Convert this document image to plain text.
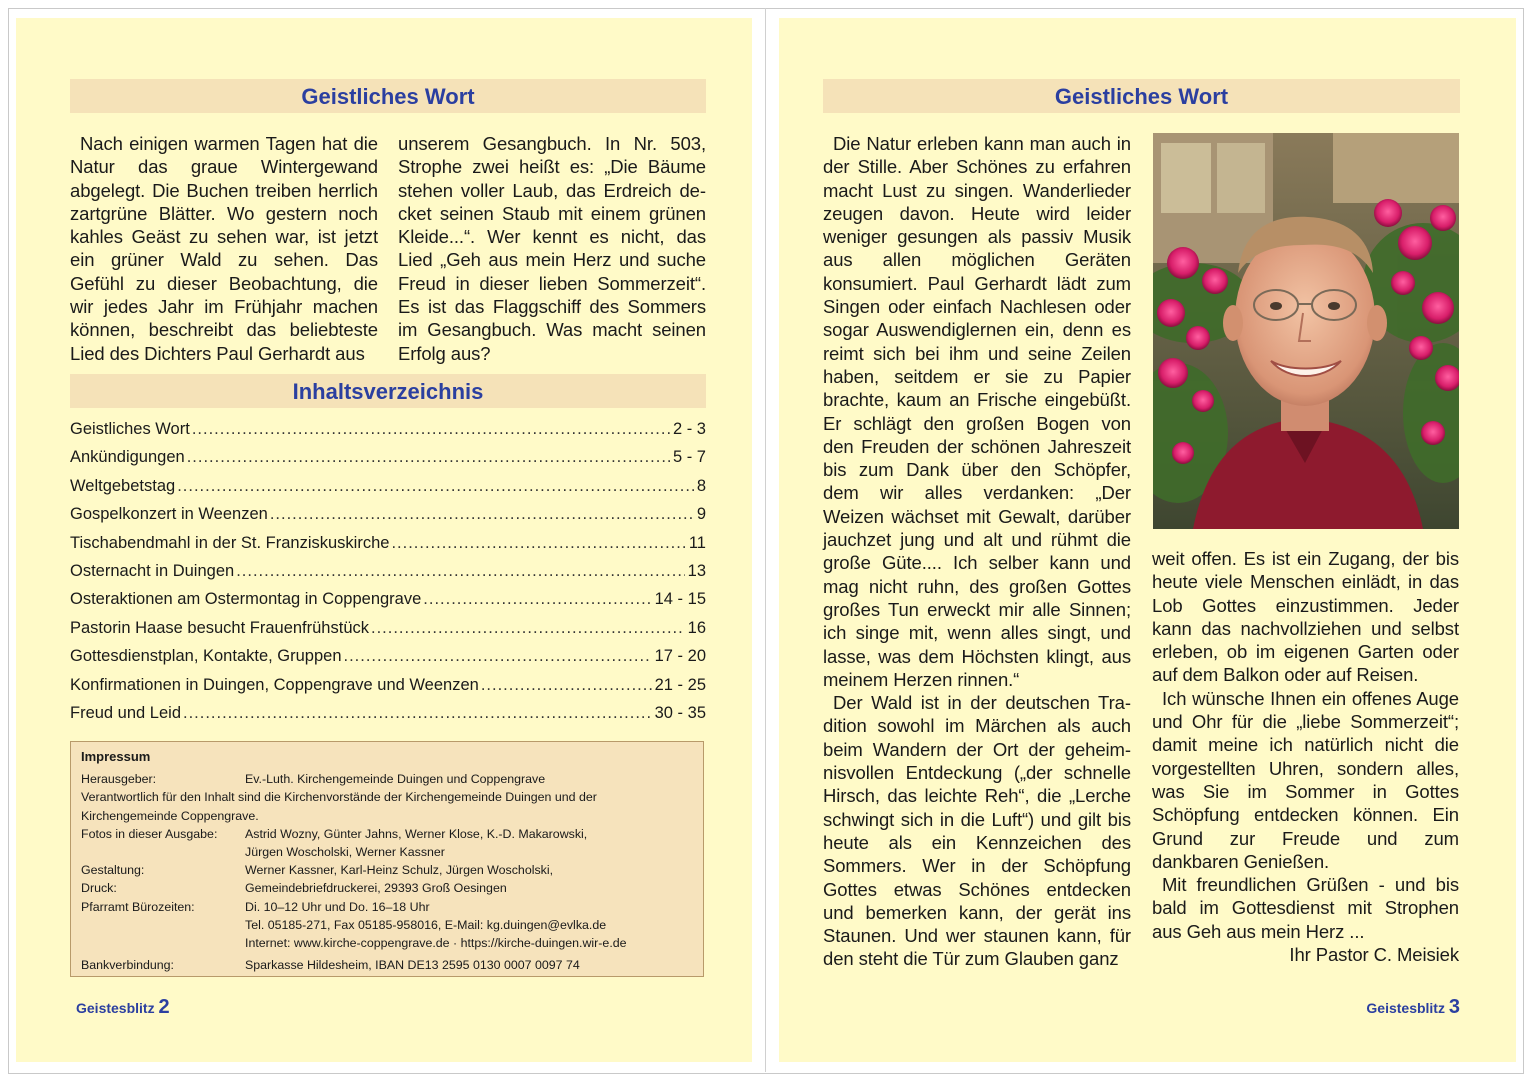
Geistliches Wort

Nach einigen warmen Tagen hat die Natur das graue Wintergewand abgelegt. Die Buchen treiben herrlich zartgrüne Blätter. Wo gestern noch kahles Geäst zu sehen war, ist jetzt ein grüner Wald zu sehen. Das Gefühl zu dieser Beobachtung, die wir jedes Jahr im Frühjahr machen können, beschreibt das beliebteste Lied des Dichters Paul Gerhardt aus

unserem Gesangbuch. In Nr. 503, Strophe zwei heißt es: „Die Bäume stehen voller Laub, das Erdreich decket seinen Staub mit einem grünen Kleide...“. Wer kennt es nicht, das Lied „Geh aus mein Herz und suche Freud in dieser lieben Sommerzeit“. Es ist das Flaggschiff des Sommers im Gesangbuch. Was macht seinen Erfolg aus?

Inhaltsverzeichnis
Geistliches Wort .....	2 - 3
Ankündigungen .....	5 - 7
Weltgebetstag .....	8
Gospelkonzert in Weenzen .....	9
Tischabendmahl in der St. Franziskuskirche .....	11
Osternacht in Duingen .....	13
Osteraktionen am Ostermontag in Coppengrave .....	14 - 15
Pastorin Haase besucht Frauenfrühstück .....	16
Gottesdienstplan, Kontakte, Gruppen .....	17 - 20
Konfirmationen in Duingen, Coppengrave und Weenzen .....	21 - 25
Freud und Leid .....	30 - 35
Impressum
Herausgeber:	Ev.-Luth. Kirchengemeinde Duingen und Coppengrave
Verantwortlich für den Inhalt sind die Kirchenvorstände der Kirchengemeinde Duingen und der Kirchengemeinde Coppengrave.
Fotos in dieser Ausgabe:	Astrid Wozny, Günter Jahns, Werner Klose, K.-D. Makarowski,
Jürgen Woscholski, Werner Kassner
Gestaltung:	Werner Kassner, Karl-Heinz Schulz, Jürgen Woscholski,
Druck:	Gemeindebriefdruckerei, 29393 Groß Oesingen
Pfarramt Bürozeiten:	Di. 10–12 Uhr und Do. 16–18 Uhr
Tel. 05185-271, Fax 05185-958016, E-Mail: kg.duingen@evlka.de
Internet: www.kirche-coppengrave.de · https://kirche-duingen.wir-e.de
Bankverbindung:	Sparkasse Hildesheim, IBAN DE13 2595 0130 0007 0097 74
Geistesblitz 2
Geistliches Wort

Die Natur erleben kann man auch in der Stille. Aber Schönes zu erfahren macht Lust zu singen. Wanderlieder zeugen davon. Heute wird leider weniger gesungen als passiv Musik aus allen möglichen Geräten konsumiert. Paul Gerhardt lädt zum Singen oder einfach Nachlesen oder sogar Auswendiglernen ein, denn es reimt sich bei ihm und seine Zeilen haben, seitdem er sie zu Papier brachte, kaum an Frische eingebüßt. Er schlägt den großen Bogen von den Freuden der schönen Jahreszeit bis zum Dank über den Schöpfer, dem wir alles verdanken: „Der Weizen wächset mit Gewalt, darüber jauchzet jung und alt und rühmt die große Güte.... Ich selber kann und mag nicht ruhn, des großen Gottes großes Tun erweckt mir alle Sinnen; ich singe mit, wenn alles singt, und lasse, was dem Höchsten klingt, aus meinem Herzen rinnen.“

Der Wald ist in der deutschen Tradition sowohl im Märchen als auch beim Wandern der Ort der geheimnisvollen Entdeckung („der schnelle Hirsch, das leichte Reh“, die „Lerche schwingt sich in die Luft“) und gilt bis heute als ein Kennzeichen des Sommers. Wer in der Schöpfung Gottes etwas Schönes entdecken und bemerken kann, der gerät ins Staunen. Und wer staunen kann, für den steht die Tür zum Glauben ganz

weit offen. Es ist ein Zugang, der bis heute viele Menschen einlädt, in das Lob Gottes einzustimmen. Jeder kann das nachvollziehen und selbst erleben, ob im eigenen Garten oder auf dem Balkon oder auf Reisen.

Ich wünsche Ihnen ein offenes Auge und Ohr für die „liebe Sommerzeit“; damit meine ich natürlich nicht die vorgestellten Uhren, sondern alles, was Sie im Sommer in Gottes Schöpfung entdecken können. Ein Grund zur Freude und zum dankbaren Genießen.

Mit freundlichen Grüßen - und bis bald im Gottesdienst mit Strophen aus Geh aus mein Herz ...

Ihr Pastor C. Meisiek
Geistesblitz 3
